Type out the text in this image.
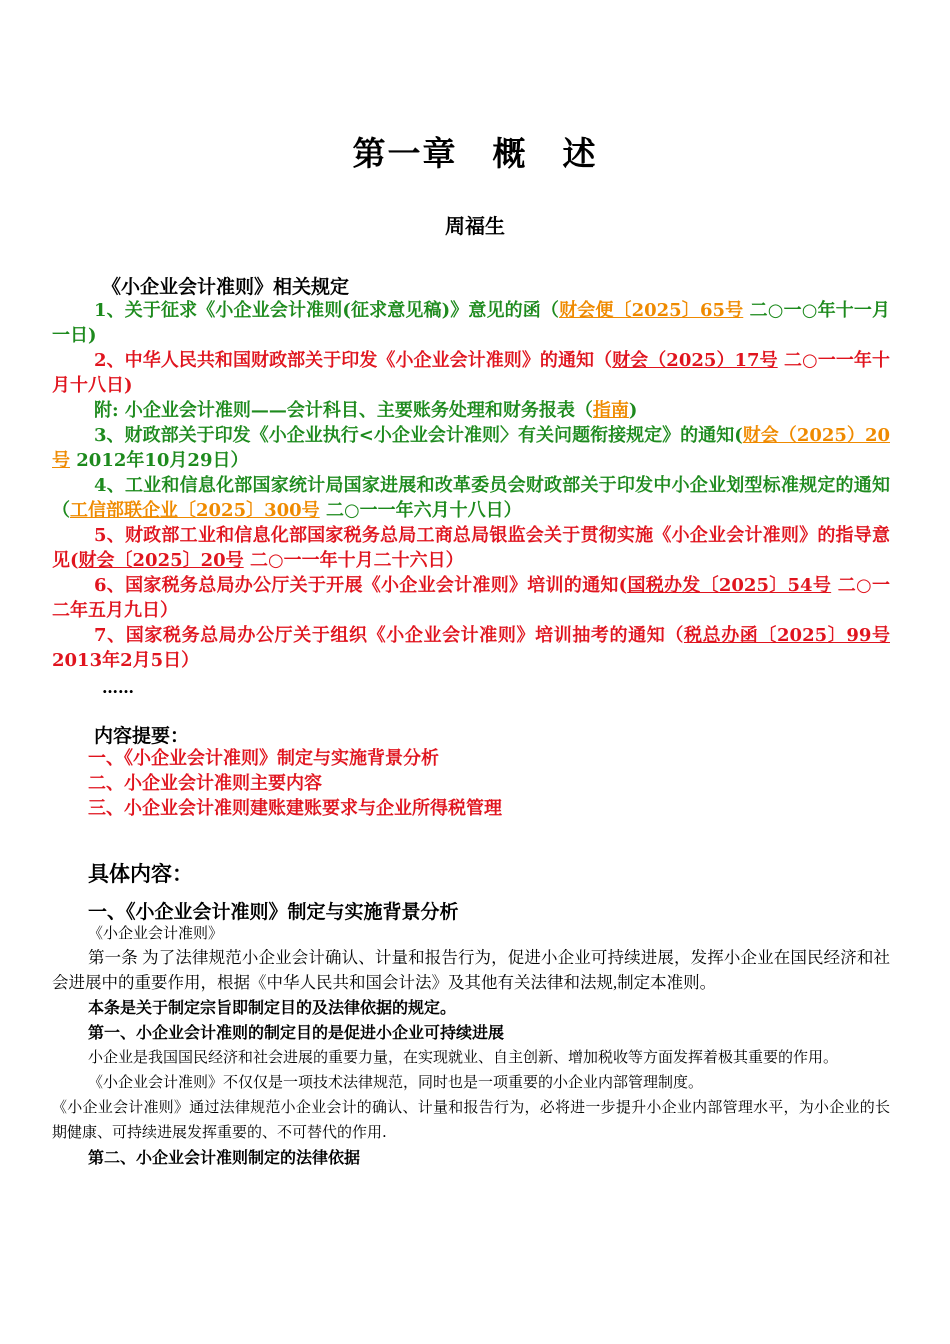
第一章　概　述
周福生
《小企业会计准则》相关规定

1、关于征求《小企业会计准则(征求意见稿)》意见的函（财会便〔2025〕65号 二○一○年十一月一日)

2、中华人民共和国财政部关于印发《小企业会计准则》的通知（财会（2025）17号 二○一一年十月十八日)

附: 小企业会计准则——会计科目、主要账务处理和财务报表（指南)

3、财政部关于印发《小企业执行<小企业会计准则〉有关问题衔接规定》的通知(财会（2025）20号 2012年10月29日）

4、工业和信息化部国家统计局国家进展和改革委员会财政部关于印发中小企业划型标准规定的通知（工信部联企业〔2025〕300号 二○一一年六月十八日）

5、财政部工业和信息化部国家税务总局工商总局银监会关于贯彻实施《小企业会计准则》的指导意见(财会〔2025〕20号 二○一一年十月二十六日）

6、国家税务总局办公厅关于开展《小企业会计准则》培训的通知(国税办发〔2025〕54号 二○一二年五月九日）

7、国家税务总局办公厅关于组织《小企业会计准则》培训抽考的通知（税总办函〔2025〕99号 2013年2月5日）

……
内容提要：
一、《小企业会计准则》制定与实施背景分析
二、小企业会计准则主要内容
三、小企业会计准则建账建账要求与企业所得税管理
具体内容：
一、《小企业会计准则》制定与实施背景分析
《小企业会计准则》

第一条 为了法律规范小企业会计确认、计量和报告行为，促进小企业可持续进展，发挥小企业在国民经济和社会进展中的重要作用，根据《中华人民共和国会计法》及其他有关法律和法规,制定本准则。

本条是关于制定宗旨即制定目的及法律依据的规定。

第一、小企业会计准则的制定目的是促进小企业可持续进展

小企业是我国国民经济和社会进展的重要力量，在实现就业、自主创新、增加税收等方面发挥着极其重要的作用。

《小企业会计准则》不仅仅是一项技术法律规范，同时也是一项重要的小企业内部管理制度。

《小企业会计准则》通过法律规范小企业会计的确认、计量和报告行为，必将进一步提升小企业内部管理水平，为小企业的长期健康、可持续进展发挥重要的、不可替代的作用.

第二、小企业会计准则制定的法律依据
